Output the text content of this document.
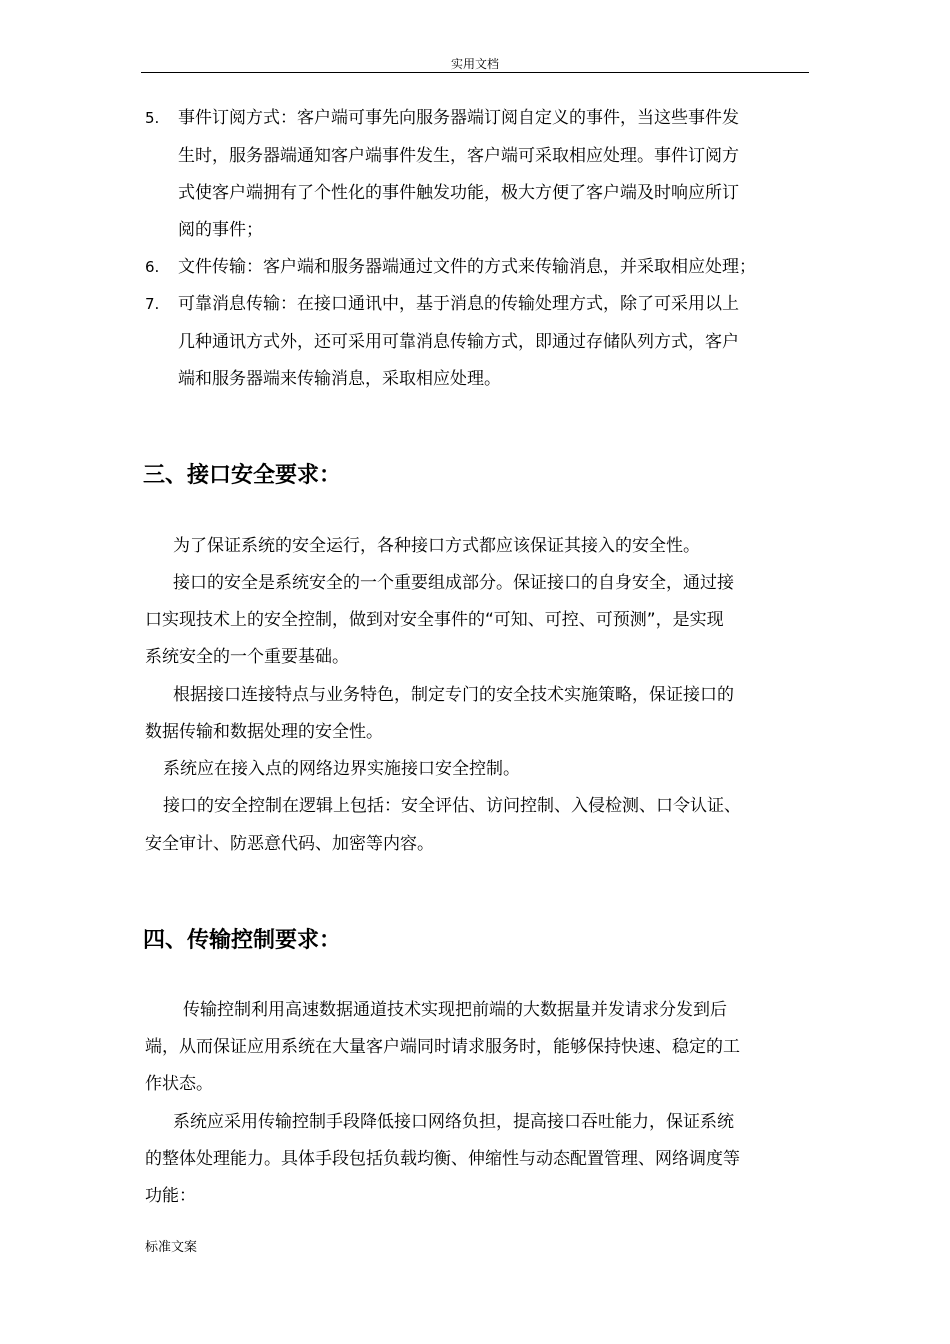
实用文档
5. 事件订阅方式：客户端可事先向服务器端订阅自定义的事件，当这些事件发
生时，服务器端通知客户端事件发生，客户端可采取相应处理。事件订阅方
式使客户端拥有了个性化的事件触发功能，极大方便了客户端及时响应所订
阅的事件；
6. 文件传输：客户端和服务器端通过文件的方式来传输消息，并采取相应处理；
7. 可靠消息传输：在接口通讯中，基于消息的传输处理方式，除了可采用以上
几种通讯方式外，还可采用可靠消息传输方式，即通过存储队列方式，客户
端和服务器端来传输消息，采取相应处理。
三、接口安全要求：
为了保证系统的安全运行，各种接口方式都应该保证其接入的安全性。
接口的安全是系统安全的一个重要组成部分。保证接口的自身安全，通过接
口实现技术上的安全控制，做到对安全事件的“可知、可控、可预测”，是实现
系统安全的一个重要基础。
根据接口连接特点与业务特色，制定专门的安全技术实施策略，保证接口的
数据传输和数据处理的安全性。
系统应在接入点的网络边界实施接口安全控制。
接口的安全控制在逻辑上包括：安全评估、访问控制、入侵检测、口令认证、
安全审计、防恶意代码、加密等内容。
四、传输控制要求：
传输控制利用高速数据通道技术实现把前端的大数据量并发请求分发到后
端，从而保证应用系统在大量客户端同时请求服务时，能够保持快速、稳定的工
作状态。
系统应采用传输控制手段降低接口网络负担，提高接口吞吐能力，保证系统
的整体处理能力。具体手段包括负载均衡、伸缩性与动态配置管理、网络调度等
功能：
标准文案
